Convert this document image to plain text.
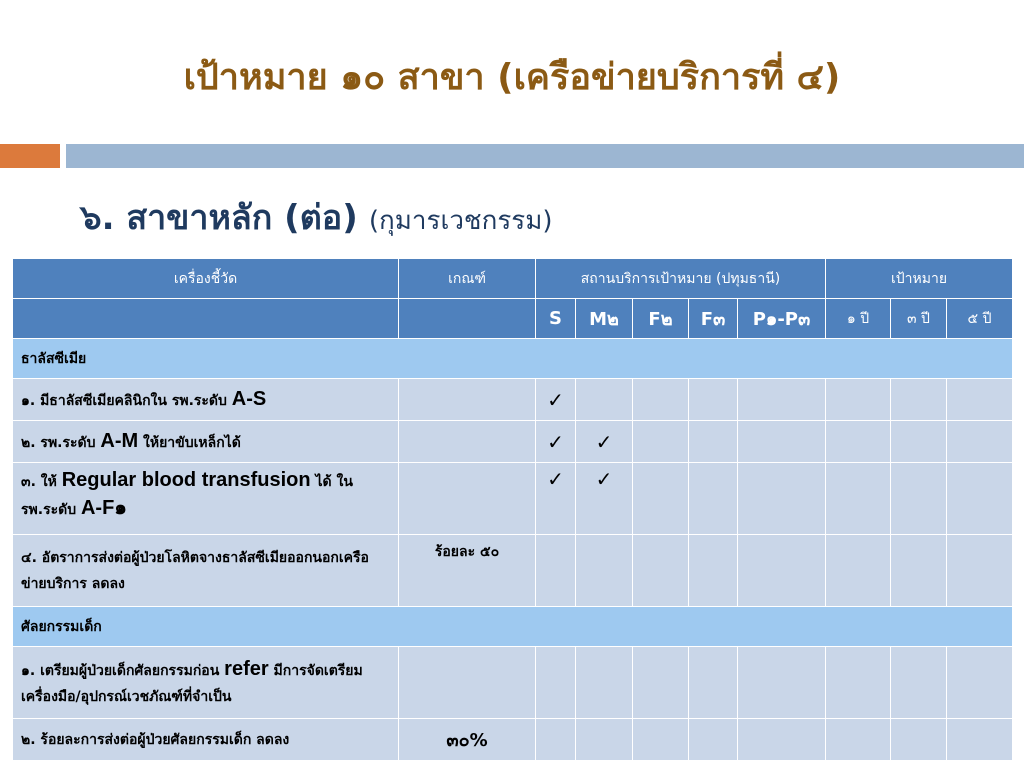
เป้าหมาย ๑๐ สาขา (เครือข่ายบริการที่ ๔)
๖. สาขาหลัก (ต่อ) (กุมารเวชกรรม)
เครื่องชี้วัด	เกณฑ์	สถานบริการเป้าหมาย (ปทุมธานี)					เป้าหมาย		
		S	M๒	F๒	F๓	P๑-P๓	๑ ปี	๓ ปี	๕ ปี
ธาลัสซีเมีย									
๑. มีธาลัสซีเมียคลินิกใน รพ.ระดับ A-S		✓							
๒. รพ.ระดับ A-M ให้ยาขับเหล็กได้		✓	✓						
๓. ให้ Regular blood transfusion ได้ ใน รพ.ระดับ A-F๑		✓	✓						
๔. อัตราการส่งต่อผู้ป่วยโลหิตจางธาลัสซีเมียออกนอกเครือข่ายบริการ ลดลง	ร้อยละ ๕๐								
ศัลยกรรมเด็ก									
๑. เตรียมผู้ป่วยเด็กศัลยกรรมก่อน refer มีการจัดเตรียมเครื่องมือ/อุปกรณ์เวชภัณฑ์ที่จำเป็น									
๒. ร้อยละการส่งต่อผู้ป่วยศัลยกรรมเด็ก ลดลง	๓๐%								
